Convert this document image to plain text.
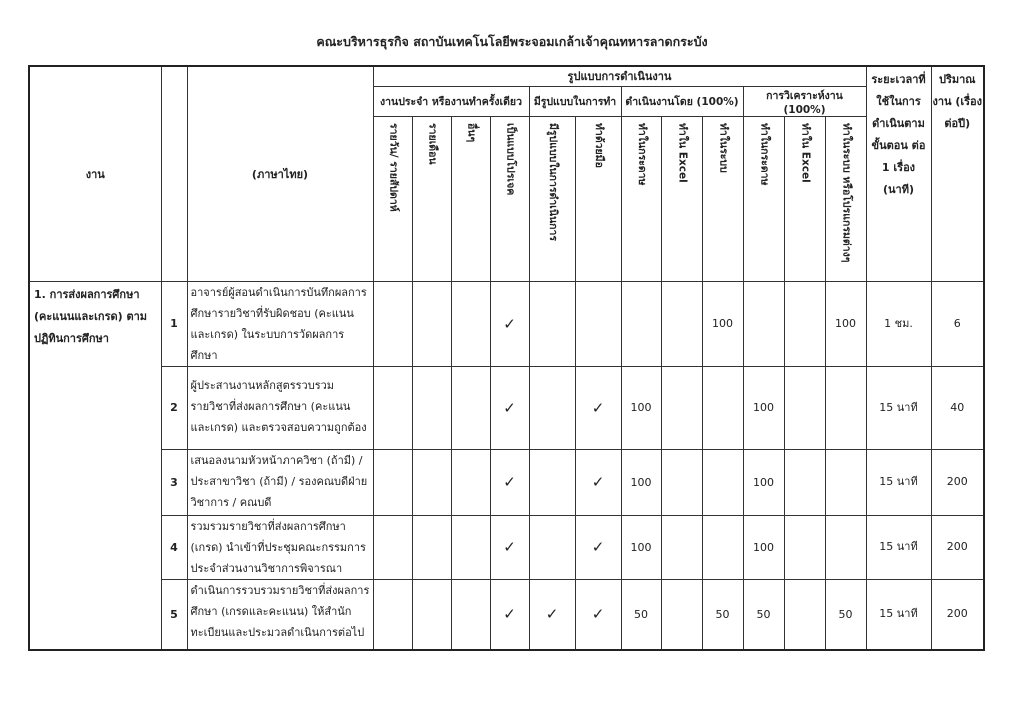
คณะบริหารธุรกิจ สถาบันเทคโนโลยีพระจอมเกล้าเจ้าคุณทหารลาดกระบัง
งาน		(ภาษาไทย)	รูปแบบการดำเนินงาน												ระยะเวลาที่ใช้ในการดำเนินตามขั้นตอน ต่อ 1 เรื่อง (นาที)	ปริมาณงาน (เรื่องต่อปี)
			งานประจำ หรืองานทำครั้งเดียว				มีรูปแบบในการทำ		ดำเนินงานโดย (100%)			การวิเคราะห์งาน (100%)				
			รายวัน/ รายสัปดาห์	รายเดือน	อื่นๆ	เป็นแบบโปรเจค	มีรูปแบบในการดำเนินการ	ทำด้วยมือ	ทำในกระดาษ	ทำใน Excel	ทำในระบบ	ทำในกระดาษ	ทำใน Excel	ทำในระบบ หรือโปรแกรมต่างๆ		
1. การส่งผลการศึกษา (คะแนนและเกรด) ตามปฏิทินการศึกษา	1	อาจารย์ผู้สอนดำเนินการบันทึกผลการศึกษารายวิชาที่รับผิดชอบ (คะแนนและเกรด) ในระบบการวัดผลการศึกษา				✓					100			100	1 ชม.	6
	2	ผู้ประสานงานหลักสูตรรวบรวมรายวิชาที่ส่งผลการศึกษา (คะแนนและเกรด) และตรวจสอบความถูกต้อง				✓		✓	100			100			15 นาที	40
	3	เสนอลงนามหัวหน้าภาควิชา (ถ้ามี) / ประสาขาวิชา (ถ้ามี) / รองคณบดีฝ่ายวิชาการ / คณบดี				✓		✓	100			100			15 นาที	200
	4	รวมรวมรายวิชาที่ส่งผลการศึกษา (เกรด) นำเข้าที่ประชุมคณะกรรมการประจำส่วนงานวิชาการพิจารณา				✓		✓	100			100			15 นาที	200
	5	ดำเนินการรวบรวมรายวิชาที่ส่งผลการศึกษา (เกรดและคะแนน) ให้สำนักทะเบียนและประมวลดำเนินการต่อไป				✓	✓	✓	50		50	50		50	15 นาที	200
